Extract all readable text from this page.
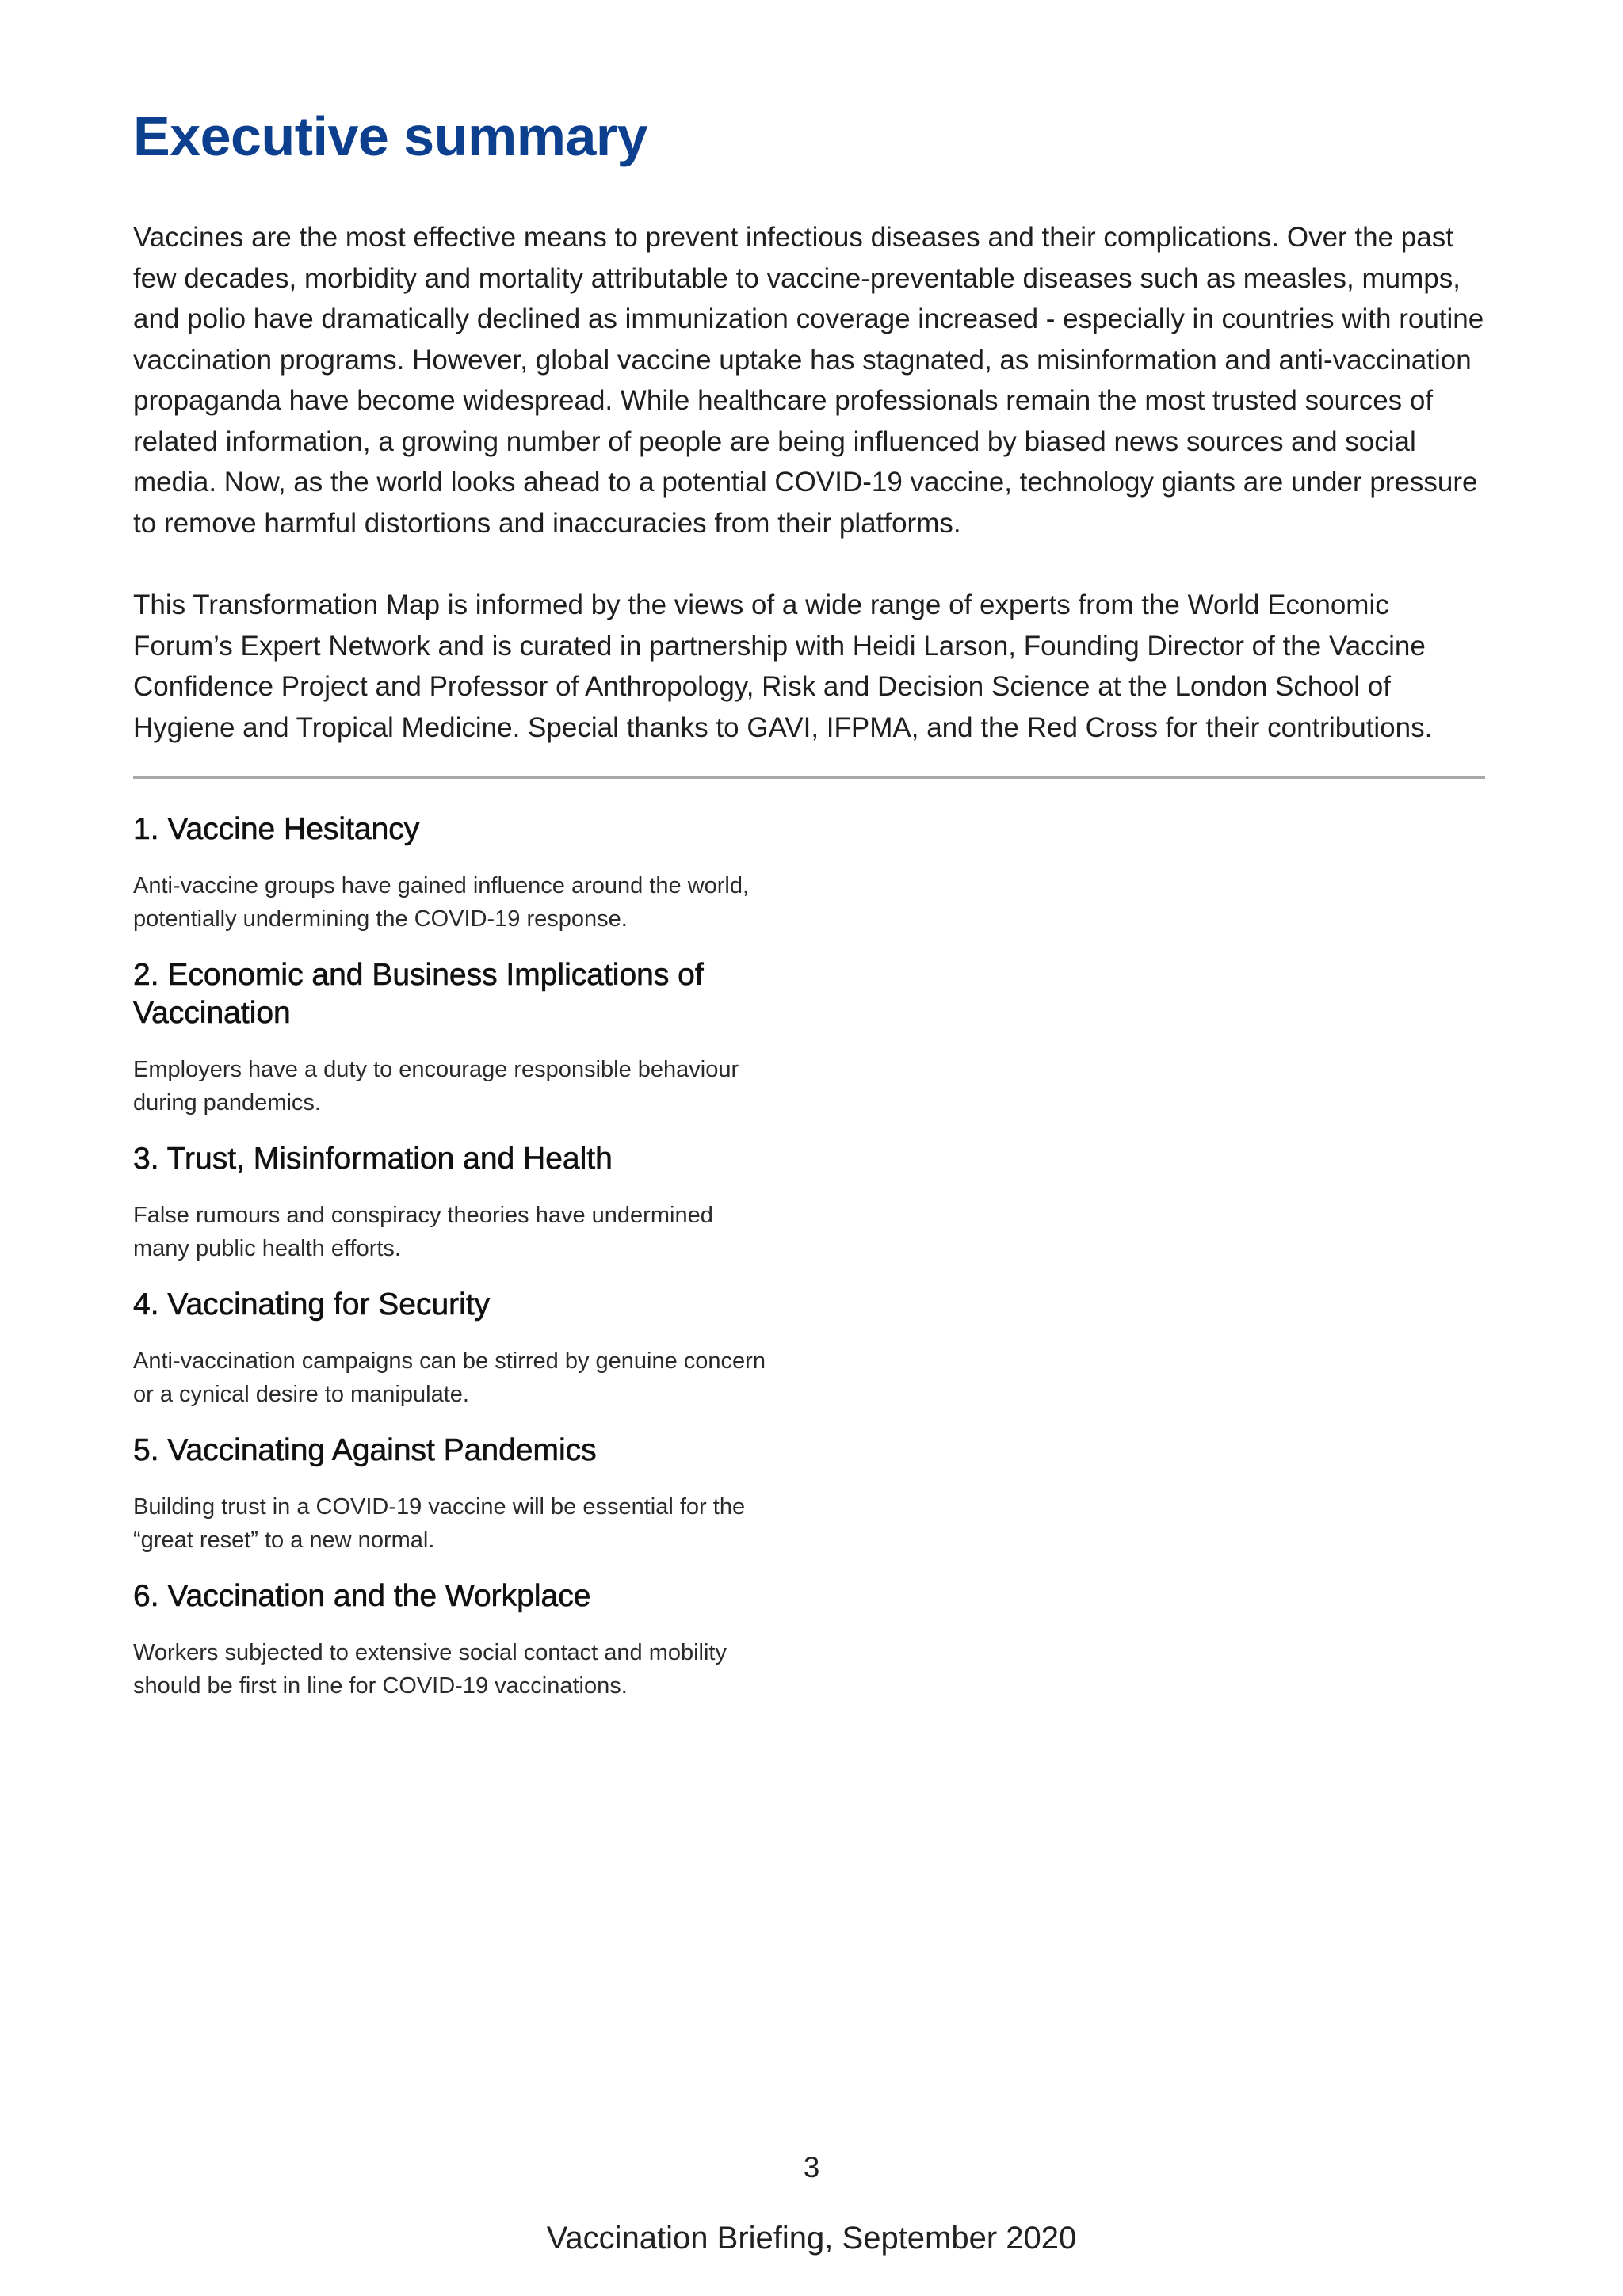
Executive summary

Vaccines are the most effective means to prevent infectious diseases and their complications. Over the past few decades, morbidity and mortality attributable to vaccine-preventable diseases such as measles, mumps, and polio have dramatically declined as immunization coverage increased - especially in countries with routine vaccination programs. However, global vaccine uptake has stagnated, as misinformation and anti-vaccination propaganda have become widespread. While healthcare professionals remain the most trusted sources of related information, a growing number of people are being influenced by biased news sources and social media. Now, as the world looks ahead to a potential COVID-19 vaccine, technology giants are under pressure to remove harmful distortions and inaccuracies from their platforms.

This Transformation Map is informed by the views of a wide range of experts from the World Economic Forum’s Expert Network and is curated in partnership with Heidi Larson, Founding Director of the Vaccine Confidence Project and Professor of Anthropology, Risk and Decision Science at the London School of Hygiene and Tropical Medicine. Special thanks to GAVI, IFPMA, and the Red Cross for their contributions.

1. Vaccine Hesitancy

Anti-vaccine groups have gained influence around the world, potentially undermining the COVID-19 response.

2. Economic and Business Implications of Vaccination

Employers have a duty to encourage responsible behaviour during pandemics.

3. Trust, Misinformation and Health

False rumours and conspiracy theories have undermined many public health efforts.

4. Vaccinating for Security

Anti-vaccination campaigns can be stirred by genuine concern or a cynical desire to manipulate.

5. Vaccinating Against Pandemics

Building trust in a COVID-19 vaccine will be essential for the “great reset” to a new normal.

6. Vaccination and the Workplace

Workers subjected to extensive social contact and mobility should be first in line for COVID-19 vaccinations.

3
Vaccination Briefing, September 2020
